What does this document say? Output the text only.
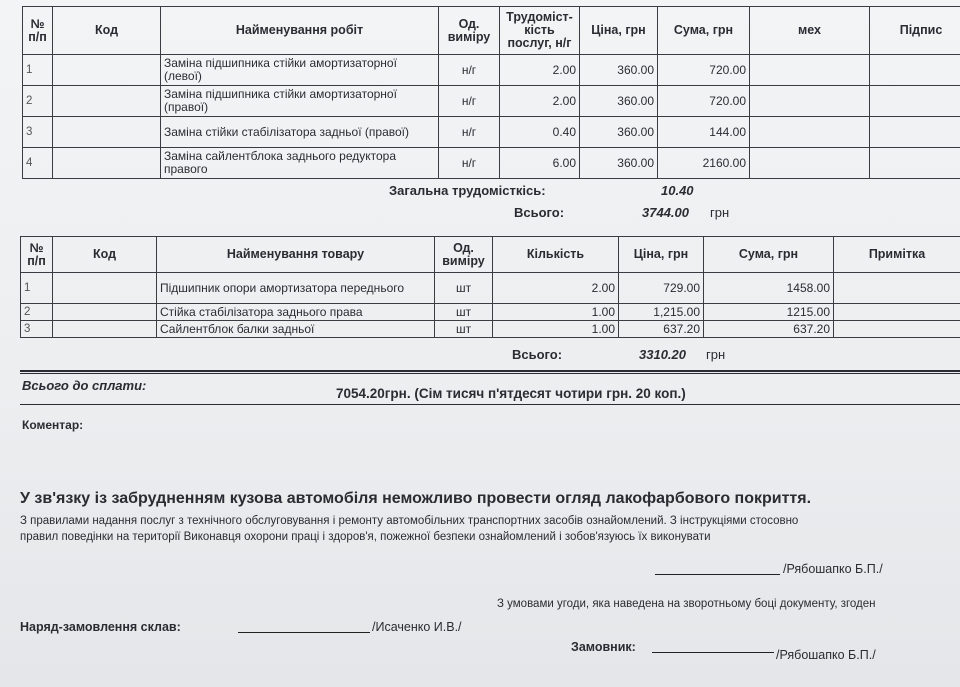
№ п/п	Код	Найменування робіт	Од. виміру	Трудоміст-кість послуг, н/г	Ціна, грн	Сума, грн	мех	Підпис
1		Заміна підшипника стійки амортизаторної (левої)	н/г	2.00	360.00	720.00		
2		Заміна підшипника стійки амортизаторної (правої)	н/г	2.00	360.00	720.00		
3		Заміна стійки стабілізатора задньої (правої)	н/г	0.40	360.00	144.00		
4		Заміна сайлентблока заднього редуктора правого	н/г	6.00	360.00	2160.00		
Загальна трудомісткісь:	10.40
Всього:	3744.00 грн
№ п/п	Код	Найменування товару	Од. виміру	Кількість	Ціна, грн	Сума, грн	Примітка
1		Підшипник опори амортизатора переднього	шт	2.00	729.00	1458.00	
2		Стійка стабілізатора заднього права	шт	1.00	1,215.00	1215.00	
3		Сайлентблок балки задньої	шт	1.00	637.20	637.20	
Всього:	3310.20 грн
Всього до сплати:
7054.20грн. (Сім тисяч п'ятдесят чотири грн. 20 коп.)
Коментар:
У зв'язку із забрудненням кузова автомобіля неможливо провести огляд лакофарбового покриття.
З правилами надання послуг з технічного обслуговування і ремонту автомобільних транспортних засобів ознайомлений. З інструкціями стосовно
правил поведінки на території Виконавця охорони праці і здоров'я, пожежної безпеки ознайомлений і зобов'язуюсь їх виконувати
/Рябошапко Б.П./
З умовами угоди, яка наведена на зворотньому боці документу, згоден
Наряд-замовлення склав:	/Исаченко И.В./
Замовник:
/Рябошапко Б.П./
